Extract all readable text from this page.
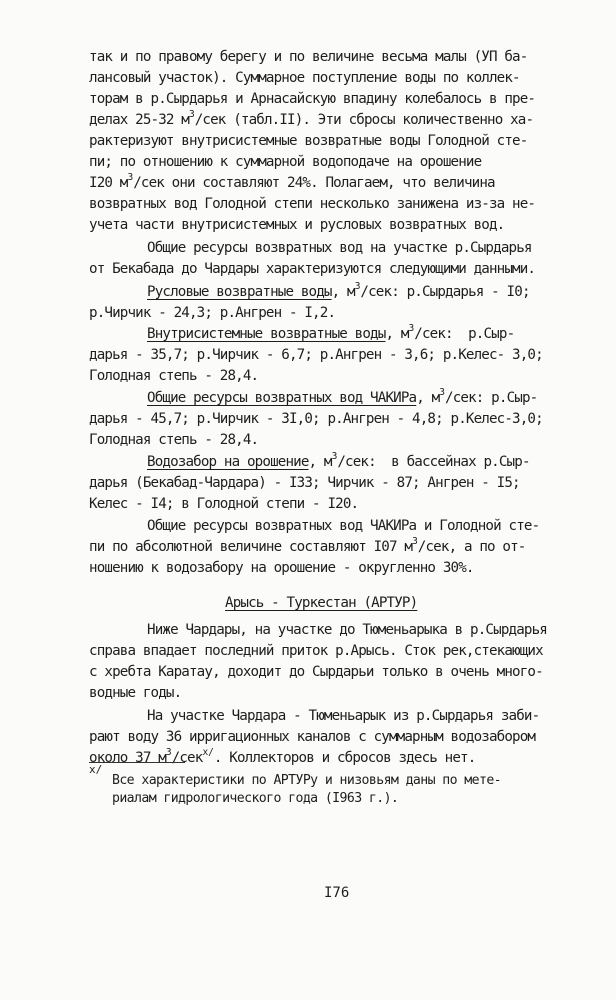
так и по правому берегу и по величине весьма малы (УП ба-
лансовый участок). Суммарное поступление воды по коллек-
торам в р.Сырдарья и Арнасайскую впадину колебалось в пре-
делах 25-32 $м^3$/сек (табл.II). Эти сбросы количественно ха-
рактеризуют внутрисистемные возвратные воды Голодной сте-
пи; по отношению к суммарной водоподаче на орошение
I20 $м^3$/сек они составляют 24%. Полагаем, что величина
возвратных вод Голодной степи несколько занижена из-за не-
учета части внутрисистемных и русловых возвратных вод.
Общие ресурсы возвратных вод на участке р.Сырдарья
от Бекабада до Чардары характеризуются следующими данными.
Русловые возвратные воды, $м^3$/сек: р.Сырдарья - I0;
р.Чирчик - 24,3; р.Ангрен - I,2.
Внутрисистемные возвратные воды, $м^3$/сек:  р.Сыр-
дарья - 35,7; р.Чирчик - 6,7; р.Ангрен - 3,6; р.Келес- 3,0;
Голодная степь - 28,4.
Общие ресурсы возвратных вод ЧАКИРа, $м^3$/сек: р.Сыр-
дарья - 45,7; р.Чирчик - 3I,0; р.Ангрен - 4,8; р.Келес-3,0;
Голодная степь - 28,4.
Водозабор на орошение, $м^3$/сек:  в бассейнах р.Сыр-
дарья (Бекабад-Чардара) - I33; Чирчик - 87; Ангрен - I5;
Келес - I4; в Голодной степи - I20.
Общие ресурсы возвратных вод ЧАКИРа и Голодной сте-
пи по абсолютной величине составляют I07 $м^3$/сек, а по от-
ношению к водозабору на орошение - округленно 30%.
Арысь - Туркестан (АРТУР)
Ниже Чардары, на участке до Тюменьарыка в р.Сырдарья
справа впадает последний приток р.Арысь. Сток рек,стекающих
с хребта Каратау, доходит до Сырдарьи только в очень много-
водные годы.
На участке Чардара - Тюменьарык из р.Сырдарья заби-
рают воду 36 ирригационных каналов с суммарным водозабором
около 37 $м^3/сек^{x/}$. Коллекторов и сбросов здесь нет.
x/
Все характеристики по АРТУРу и низовьям даны по мете-
риалам гидрологического года (I963 г.).
I76
